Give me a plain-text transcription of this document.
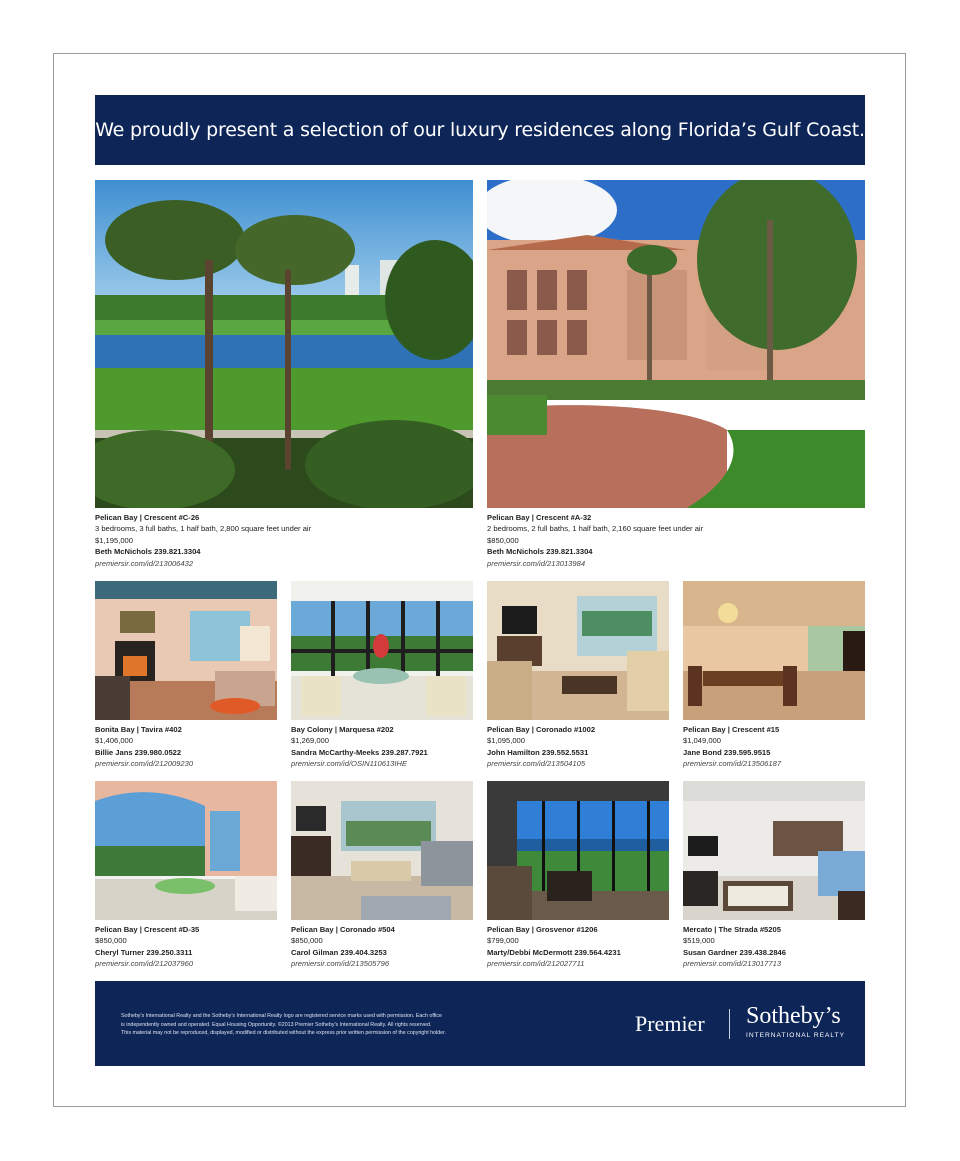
We proudly present a selection of our luxury residences along Florida’s Gulf Coast.
Pelican Bay | Crescent #C-26
3 bedrooms, 3 full baths, 1 half bath, 2,800 square feet under air
$1,195,000
Beth McNichols 239.821.3304
premiersir.com/id/213006432
Pelican Bay | Crescent #A-32
2 bedrooms, 2 full baths, 1 half bath, 2,160 square feet under air
$850,000
Beth McNichols 239.821.3304
premiersir.com/id/213013984
Bonita Bay | Tavira #402
$1,406,000
Billie Jans 239.980.0522
premiersir.com/id/212009230
Bay Colony | Marquesa #202
$1,269,000
Sandra McCarthy-Meeks 239.287.7921
premiersir.com/id/OSIN110613IHE
Pelican Bay | Coronado #1002
$1,095,000
John Hamilton 239.552.5531
premiersir.com/id/213504105
Pelican Bay | Crescent #15
$1,049,000
Jane Bond 239.595.9515
premiersir.com/id/213506187
Pelican Bay | Crescent #D-35
$850,000
Cheryl Turner 239.250.3311
premiersir.com/id/212037960
Pelican Bay | Coronado #504
$850,000
Carol Gilman 239.404.3253
premiersir.com/id/213505796
Pelican Bay | Grosvenor #1206
$799,000
Marty/Debbi McDermott 239.564.4231
premiersir.com/id/212027711
Mercato | The Strada #5205
$519,000
Susan Gardner 239.438.2846
premiersir.com/id/213017713
Sotheby’s International Realty and the Sotheby’s International Realty logo are registered service marks used with permission. Each office
is independently owned and operated. Equal Housing Opportunity. ©2013 Premier Sotheby’s International Realty. All rights reserved.
This material may not be reproduced, displayed, modified or distributed without the express prior written permission of the copyright holder.	Premier Sotheby’s
INTERNATIONAL REALTY
